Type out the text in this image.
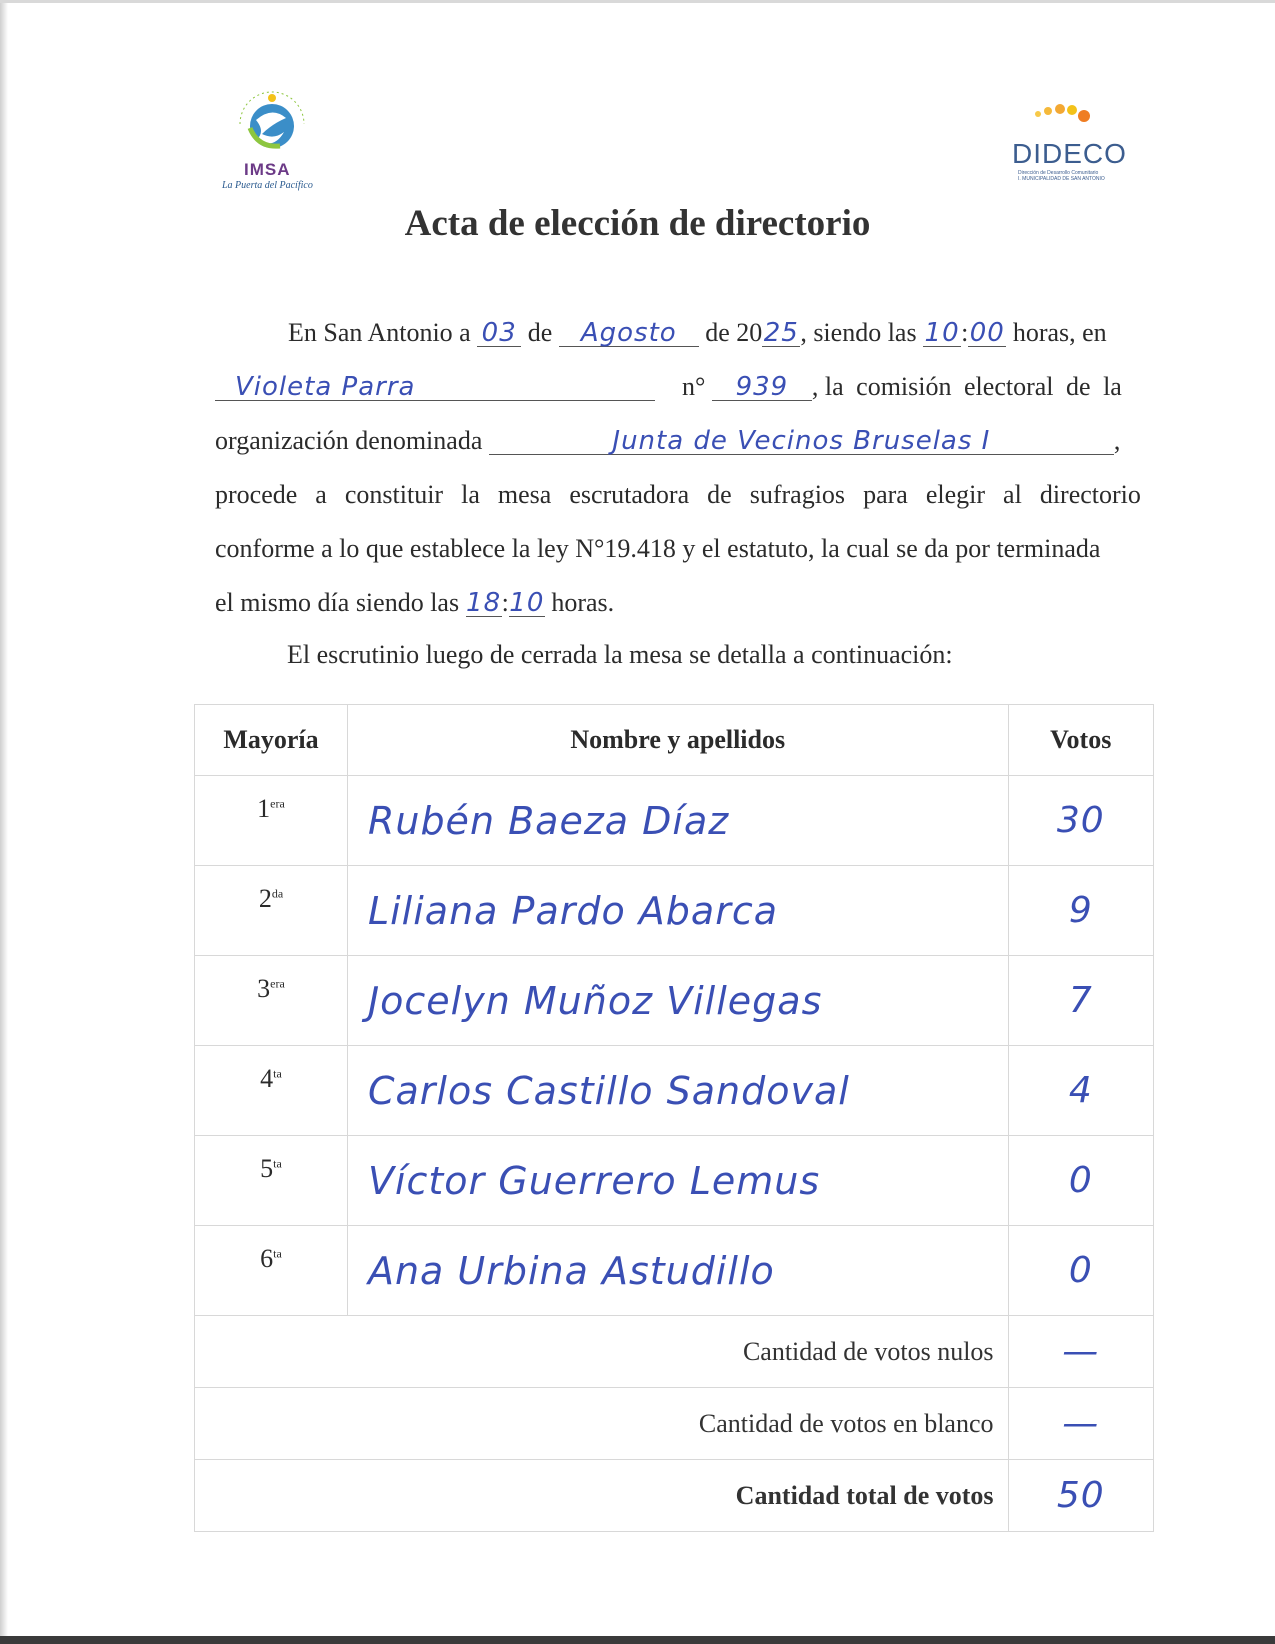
IMSA
La Puerta del Pacífico
DIDECO
Dirección de Desarrollo Comunitario
I. MUNICIPALIDAD DE SAN ANTONIO
Acta de elección de directorio
En San Antonio a 03 de Agosto de 2025, siendo las 10:00 horas, en
Violeta Parra	n° 939 , la comisión electoral de la
organización denominada	Junta de Vecinos Bruselas I	,
procede a constituir la mesa escrutadora de sufragios para elegir al directorio
conforme a lo que establece la ley N°19.418 y el estatuto, la cual se da por terminada
el mismo día siendo las 18:10 horas.
El escrutinio luego de cerrada la mesa se detalla a continuación:
Mayoría	Nombre y apellidos	Votos
$1^{era}$	Rubén Baeza Díaz	30
$2^{da}$	Liliana Pardo Abarca	9
$3^{era}$	Jocelyn Muñoz Villegas	7
$4^{ta}$	Carlos Castillo Sandoval	4
$5^{ta}$	Víctor Guerrero Lemus	0
$6^{ta}$	Ana Urbina Astudillo	0
Cantidad de votos nulos		—
Cantidad de votos en blanco		—
Cantidad total de votos		50
